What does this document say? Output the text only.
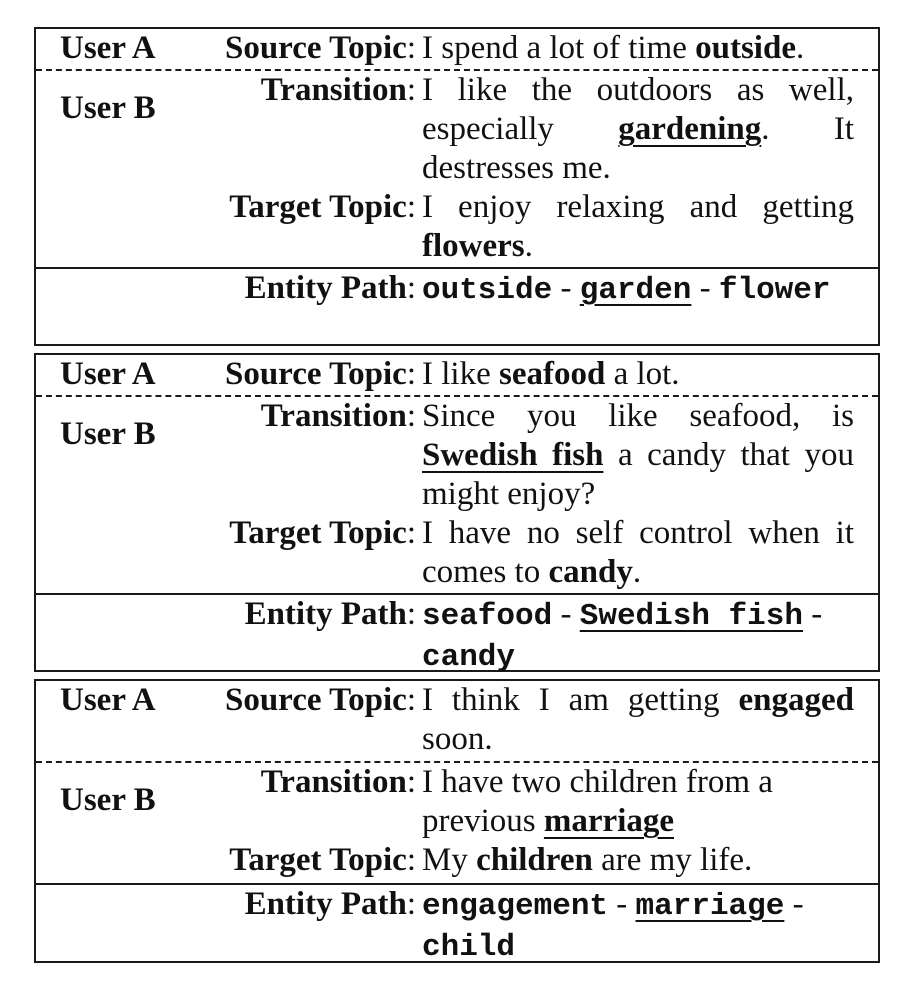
User A	Source Topic: I spend a lot of time outside.
User B	Transition: I like the outdoors as well, especially gardening. It destresses me.
Target Topic: I enjoy relaxing and getting flowers.
Entity Path: outside - garden - flower
User A	Source Topic: I like seafood a lot.
User B	Transition: Since you like seafood, is Swedish fish a candy that you might enjoy?
Target Topic: I have no self control when it comes to candy.
Entity Path: seafood - Swedish fish - candy
User A	Source Topic: I think I am getting engaged soon.
User B	Transition: I have two children from a previous marriage
Target Topic: My children are my life.
Entity Path: engagement - marriage - child
